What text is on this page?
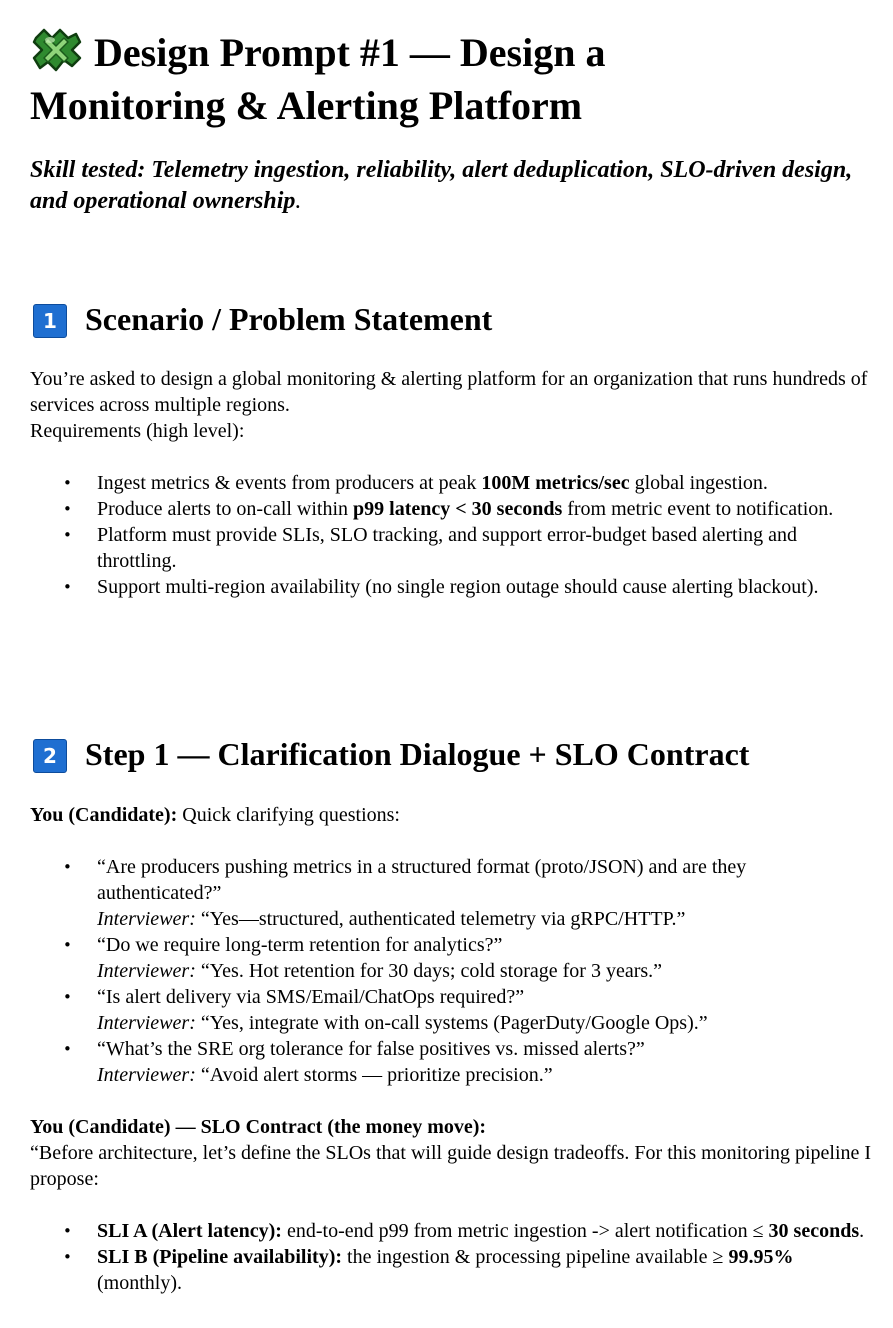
Design Prompt #1 — Design a
Monitoring & Alerting Platform

Skill tested: Telemetry ingestion, reliability, alert deduplication, SLO-driven design, and operational ownership.

1 Scenario / Problem Statement

You’re asked to design a global monitoring & alerting platform for an organization that runs hundreds of services across multiple regions.

Requirements (high level):

• Ingest metrics & events from producers at peak 100M metrics/sec global ingestion.
• Produce alerts to on-call within p99 latency < 30 seconds from metric event to notification.
• Platform must provide SLIs, SLO tracking, and support error-budget based alerting and throttling.
• Support multi-region availability (no single region outage should cause alerting blackout).
2 Step 1 — Clarification Dialogue + SLO Contract

You (Candidate): Quick clarifying questions:

• “Are producers pushing metrics in a structured format (proto/JSON) and are they authenticated?”
Interviewer: “Yes—structured, authenticated telemetry via gRPC/HTTP.”
• “Do we require long-term retention for analytics?”
Interviewer: “Yes. Hot retention for 30 days; cold storage for 3 years.”
• “Is alert delivery via SMS/Email/ChatOps required?”
Interviewer: “Yes, integrate with on-call systems (PagerDuty/Google Ops).”
• “What’s the SRE org tolerance for false positives vs. missed alerts?”
Interviewer: “Avoid alert storms — prioritize precision.”

You (Candidate) — SLO Contract (the money move):

“Before architecture, let’s define the SLOs that will guide design tradeoffs. For this monitoring pipeline I propose:

• SLI A (Alert latency): end-to-end p99 from metric ingestion -> alert notification ≤ 30 seconds.
• SLI B (Pipeline availability): the ingestion & processing pipeline available ≥ 99.95% (monthly).
